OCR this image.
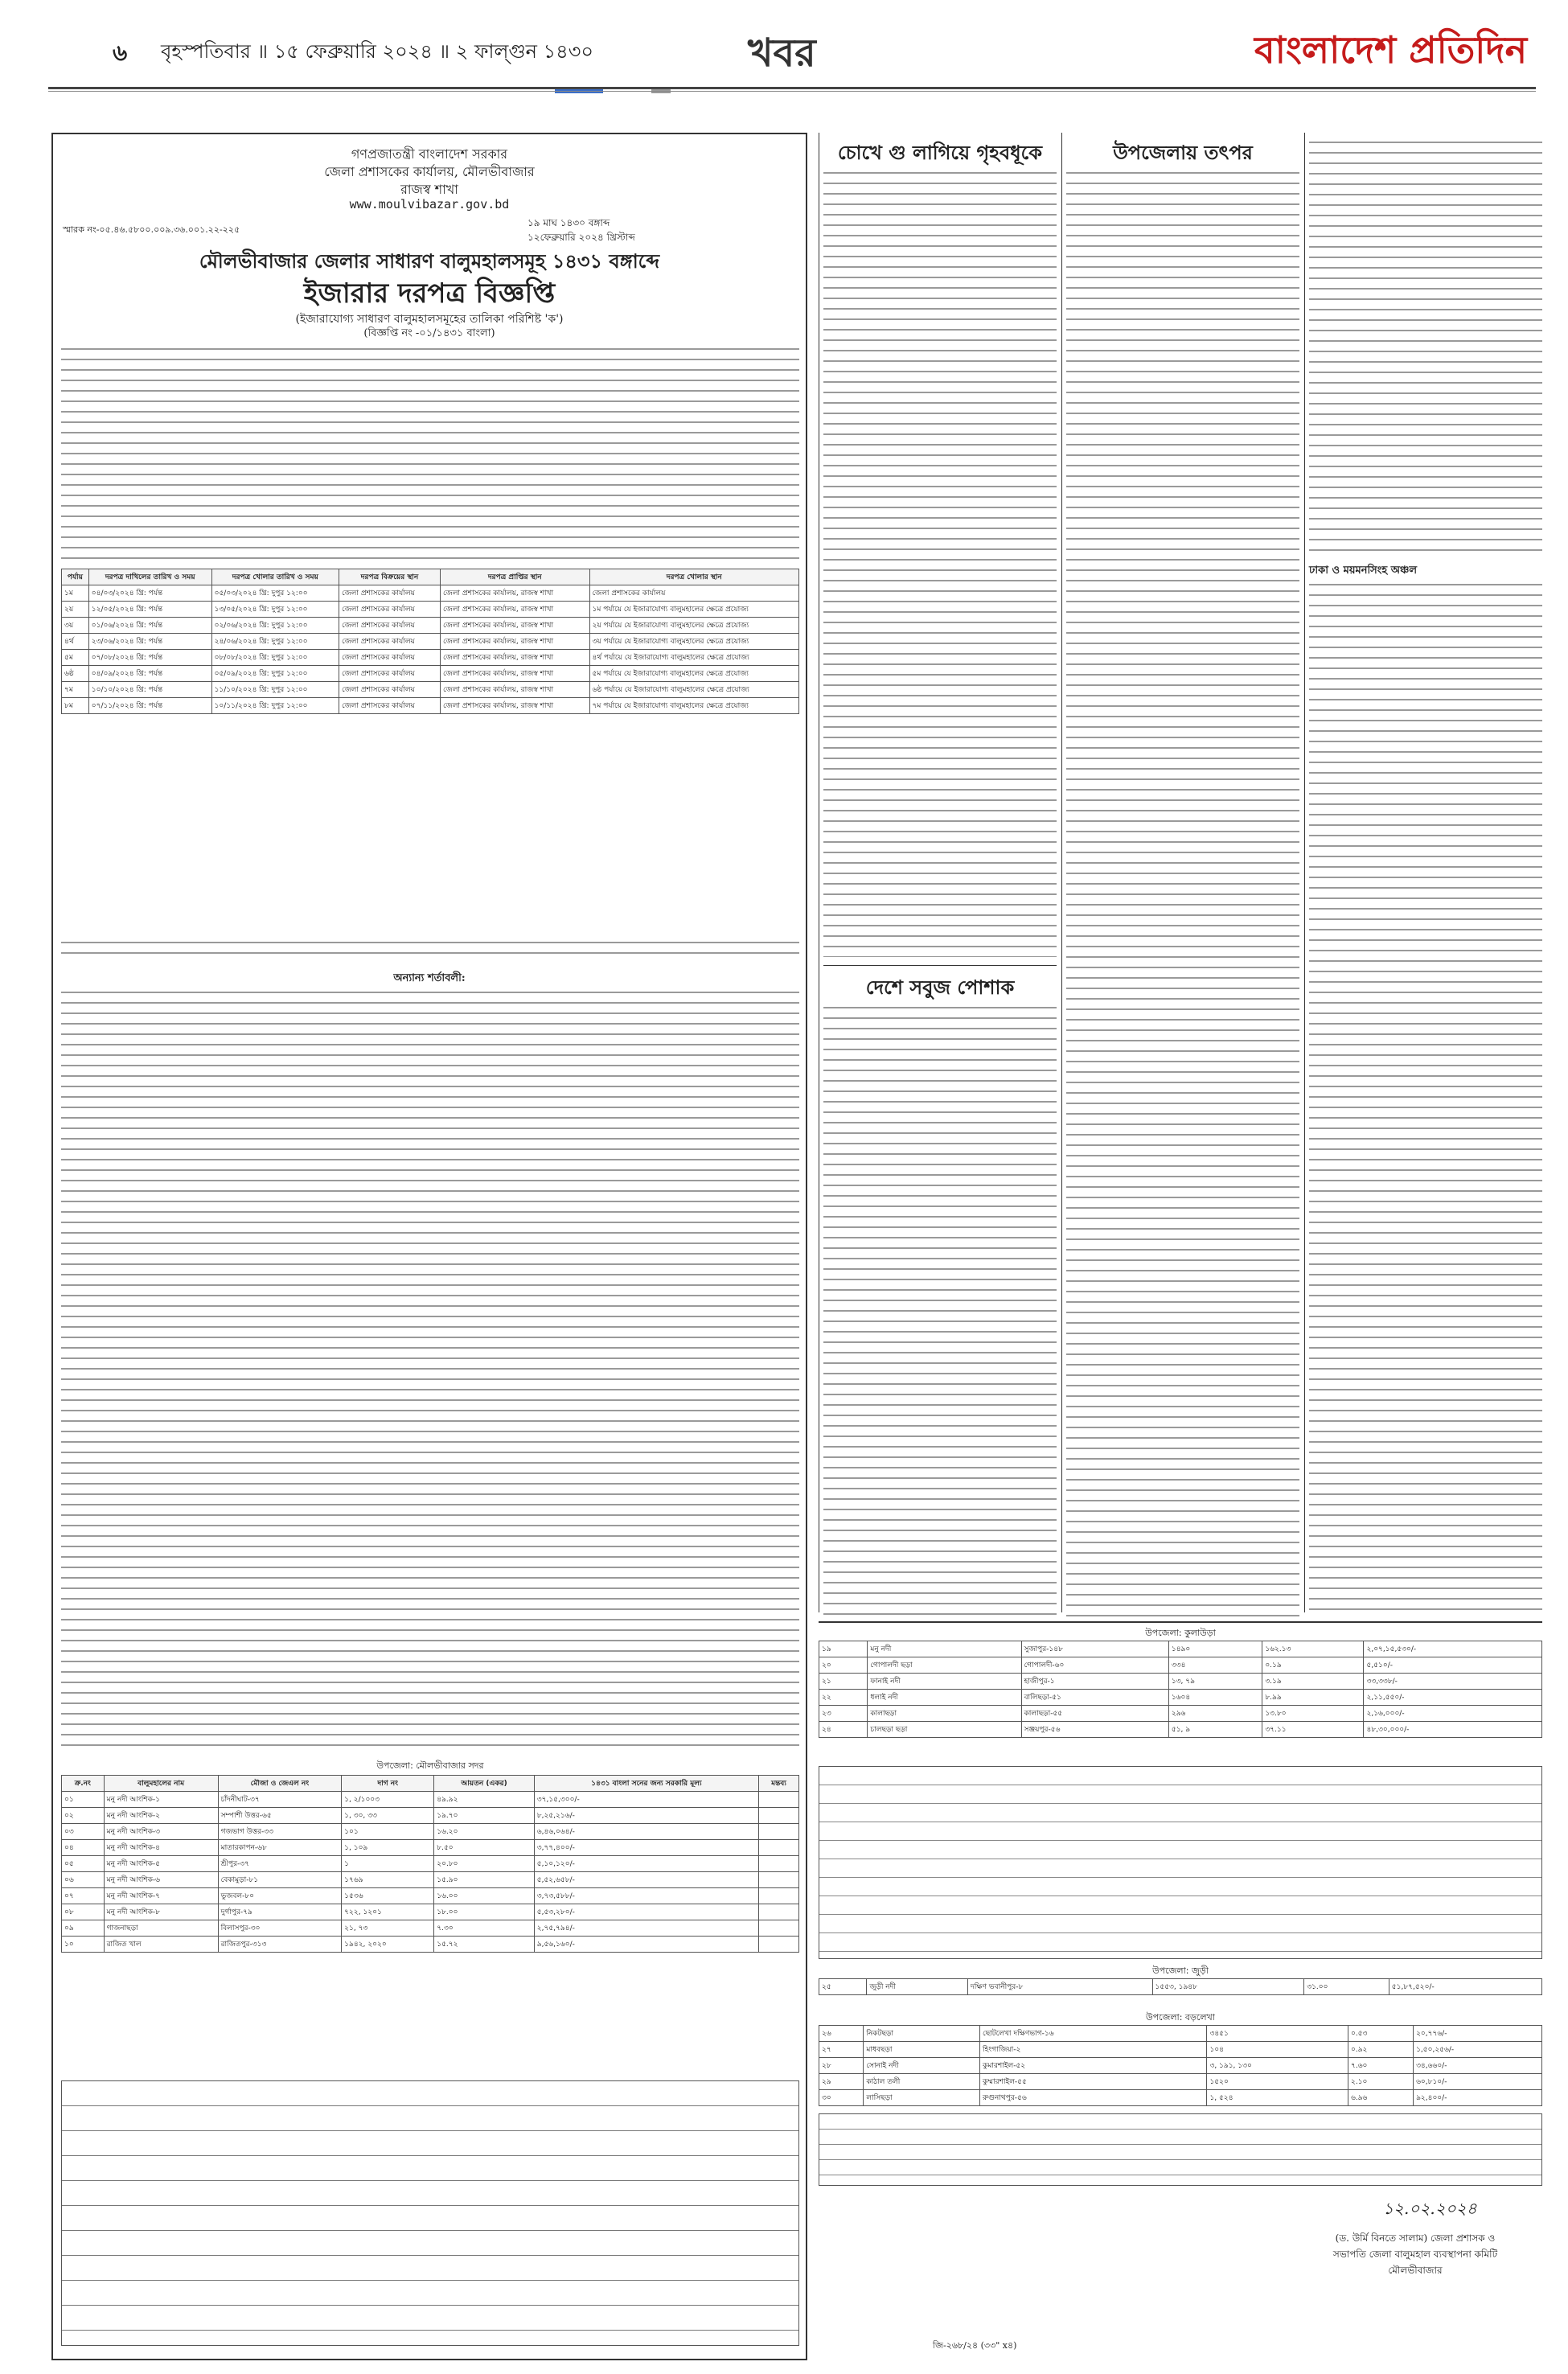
৬ বৃহস্পতিবার ॥ ১৫ ফেব্রুয়ারি ২০২৪ ॥ ২ ফাল্গুন ১৪৩০	খবর	বাংলাদেশ প্রতিদিন
গণপ্রজাতন্ত্রী বাংলাদেশ সরকার
জেলা প্রশাসকের কার্যালয়, মৌলভীবাজার
রাজস্ব শাখা
www.moulvibazar.gov.bd
স্মারক নং-০৫.৪৬.৫৮০০.০০৯.৩৬.০০১.২২-২২৫
১৯ মাঘ ১৪৩০ বঙ্গাব্দ
১২ফেব্রুয়ারি ২০২৪ খ্রিস্টাব্দ
মৌলভীবাজার জেলার সাধারণ বালুমহালসমূহ ১৪৩১ বঙ্গাব্দে
ইজারার দরপত্র বিজ্ঞপ্তি
(ইজারাযোগ্য সাধারণ বালুমহালসমূহের তালিকা পরিশিষ্ট 'ক')
(বিজ্ঞপ্তি নং -০১/১৪৩১ বাংলা)
পর্যায়	দরপত্র দাখিলের তারিখ ও সময়	দরপত্র খোলার তারিখ ও সময়	দরপত্র বিক্রয়ের স্থান	দরপত্র প্রাপ্তির স্থান	দরপত্র খোলার স্থান
১ম	০৪/০৩/২০২৪ খ্রি: পর্যন্ত	০৫/০৩/২০২৪ খ্রি: দুপুর ১২:০০	জেলা প্রশাসকের কার্যালয়	জেলা প্রশাসকের কার্যালয়, রাজস্ব শাখা	জেলা প্রশাসকের কার্যালয়
২য়	১২/০৫/২০২৪ খ্রি: পর্যন্ত	১৩/০৫/২০২৪ খ্রি: দুপুর ১২:০০	জেলা প্রশাসকের কার্যালয়	জেলা প্রশাসকের কার্যালয়, রাজস্ব শাখা	১ম পর্যায়ে যে ইজারাযোগ্য বালুমহালের ক্ষেত্রে প্রযোজ্য
৩য়	০১/০৬/২০২৪ খ্রি: পর্যন্ত	০২/০৬/২০২৪ খ্রি: দুপুর ১২:০০	জেলা প্রশাসকের কার্যালয়	জেলা প্রশাসকের কার্যালয়, রাজস্ব শাখা	২য় পর্যায়ে যে ইজারাযোগ্য বালুমহালের ক্ষেত্রে প্রযোজ্য
৪র্থ	২৩/০৬/২০২৪ খ্রি: পর্যন্ত	২৪/০৬/২০২৪ খ্রি: দুপুর ১২:০০	জেলা প্রশাসকের কার্যালয়	জেলা প্রশাসকের কার্যালয়, রাজস্ব শাখা	৩য় পর্যায়ে যে ইজারাযোগ্য বালুমহালের ক্ষেত্রে প্রযোজ্য
৫ম	০৭/০৮/২০২৪ খ্রি: পর্যন্ত	০৮/০৮/২০২৪ খ্রি: দুপুর ১২:০০	জেলা প্রশাসকের কার্যালয়	জেলা প্রশাসকের কার্যালয়, রাজস্ব শাখা	৪র্থ পর্যায়ে যে ইজারাযোগ্য বালুমহালের ক্ষেত্রে প্রযোজ্য
৬ষ্ঠ	০৪/০৯/২০২৪ খ্রি: পর্যন্ত	০৫/০৯/২০২৪ খ্রি: দুপুর ১২:০০	জেলা প্রশাসকের কার্যালয়	জেলা প্রশাসকের কার্যালয়, রাজস্ব শাখা	৫ম পর্যায়ে যে ইজারাযোগ্য বালুমহালের ক্ষেত্রে প্রযোজ্য
৭ম	১০/১০/২০২৪ খ্রি: পর্যন্ত	১১/১০/২০২৪ খ্রি: দুপুর ১২:০০	জেলা প্রশাসকের কার্যালয়	জেলা প্রশাসকের কার্যালয়, রাজস্ব শাখা	৬ষ্ঠ পর্যায়ে যে ইজারাযোগ্য বালুমহালের ক্ষেত্রে প্রযোজ্য
৮ম	০৭/১১/২০২৪ খ্রি: পর্যন্ত	১০/১১/২০২৪ খ্রি: দুপুর ১২:০০	জেলা প্রশাসকের কার্যালয়	জেলা প্রশাসকের কার্যালয়, রাজস্ব শাখা	৭ম পর্যায়ে যে ইজারাযোগ্য বালুমহালের ক্ষেত্রে প্রযোজ্য
অন্যান্য শর্তাবলী:
উপজেলা: মৌলভীবাজার সদর
ক্র.নং	বালুমহালের নাম	মৌজা ও জেএল নং	দাগ নং	আয়তন (একর)	১৪৩১ বাংলা সনের জন্য সরকারি মূল্য	মন্তব্য
০১	মনু নদী আংশিক-১	চাঁদনীঘাট-৩৭	১, ২/১০০৩	৪৯.৯২	৩৭,১৫,৩০০/-	
০২	মনু নদী আংশিক-২	সম্পাশী উত্তর-৬৫	১, ৩০, ৩৩	১৯.৭০	৮,২৫,২১৬/-	
০৩	মনু নদী আংশিক-৩	গজভাগ উত্তর-৩৩	১০১	১৬.২০	৬,৪৬,০৬৪/-	
০৪	মনু নদী আংশিক-৪	মাতারকাপন-৬৮	১, ১০৯	৮.৫০	৩,৭৭,৪০০/-	
০৫	মনু নদী আংশিক-৫	শ্রীপুর-৩৭	১	২০.৮০	৫,১০,১২০/-	
০৬	মনু নদী আংশিক-৬	বেকামুড়া-৮১	১৭৬৯	১৫.৯০	৫,৫২,৬৫৮/-	
০৭	মনু নদী আংশিক-৭	ভুজবল-৮০	১৫৩৬	১৬.০০	৩,৭৩,৫৮৮/-	
০৮	মনু নদী আংশিক-৮	দুর্গাপুর-৭৯	৭২২, ১২০১	১৮.০০	৫,৫৩,২৮০/-	
০৯	গাজনাছড়া	বিলাসপুর-৩০	২১, ৭৩	৭.৩০	২,৭৫,৭৯৪/-	
১০	রাজিত খাল	রাজিতপুর-৩১৩	১৯৪২, ২০২০	১৫.৭২	৯,৫৬,১৬০/-	
চোখে গু লাগিয়ে গৃহবধূকে
দেশে সবুজ পোশাক
উপজেলায় তৎপর
ঢাকা ও ময়মনসিংহ অঞ্চল
উপজেলা: কুলাউড়া
১৯	মনু নদী	সুজাপুর-১৪৮	১৪৯০	১৬২.১৩	২,০৭,১৫,৫৩০/-
২০	গোপালদী ছড়া	গোপালদী-৬০	৩৩৪	০.১৯	৫,৫১০/-
২১	ফানাই নদী	হাজীপুর-১	১৩, ৭৯	৩.১৯	৩৩,৩৩৮/-
২২	ধলাই নদী	বালিছড়া-৫১	১৬০৪	৮.৯৯	২,১১,৫৫০/-
২৩	কালাছড়া	কালাছড়া-৫৫	২৯৬	১৩.৮০	২,১৬,০০০/-
২৪	চালছড়া ছড়া	সঞ্জয়পুর-৫৬	৫১, ৯	৩৭.১১	৪৮,৩০,০০০/-
উপজেলা: জুড়ী
২৫	জুড়ী নদী	দক্ষিণ ভবানীপুর-৮	১৫৫৩, ১৯৪৮	৩১.০০	৫১,৮৭,৫২০/-
উপজেলা: বড়লেখা
২৬	নিকটছড়া	ছোটলেখা দক্ষিণভাগ-১৬	৩৪৫১	০.৫৩	২০,৭৭৬/-
২৭	মাধবছড়া	হিংগাজিয়া-২	১০৪	০.৯২	১,৫০,২৫৬/-
২৮	সোনাই নদী	কুমারশাইল-৫২	৩, ১৯১, ১৩০	৭.৬০	৩৪,৬৬০/-
২৯	কাঠাল তলী	কুম্মারশাইল-৫৫	১৫২০	২.১০	৬০,৮১০/-
৩০	লাসিছড়া	রুগুনাথপুর-৫৬	১, ৫২৪	৬.৯৬	৯২,৪০০/-
১২.০২.২০২৪
(ড. উর্মি বিনতে সালাম) জেলা প্রশাসক ও সভাপতি জেলা বালুমহাল ব্যবস্থাপনা কমিটি মৌলভীবাজার
জি-২৬৮/২৪ (৩৩" x৪)
